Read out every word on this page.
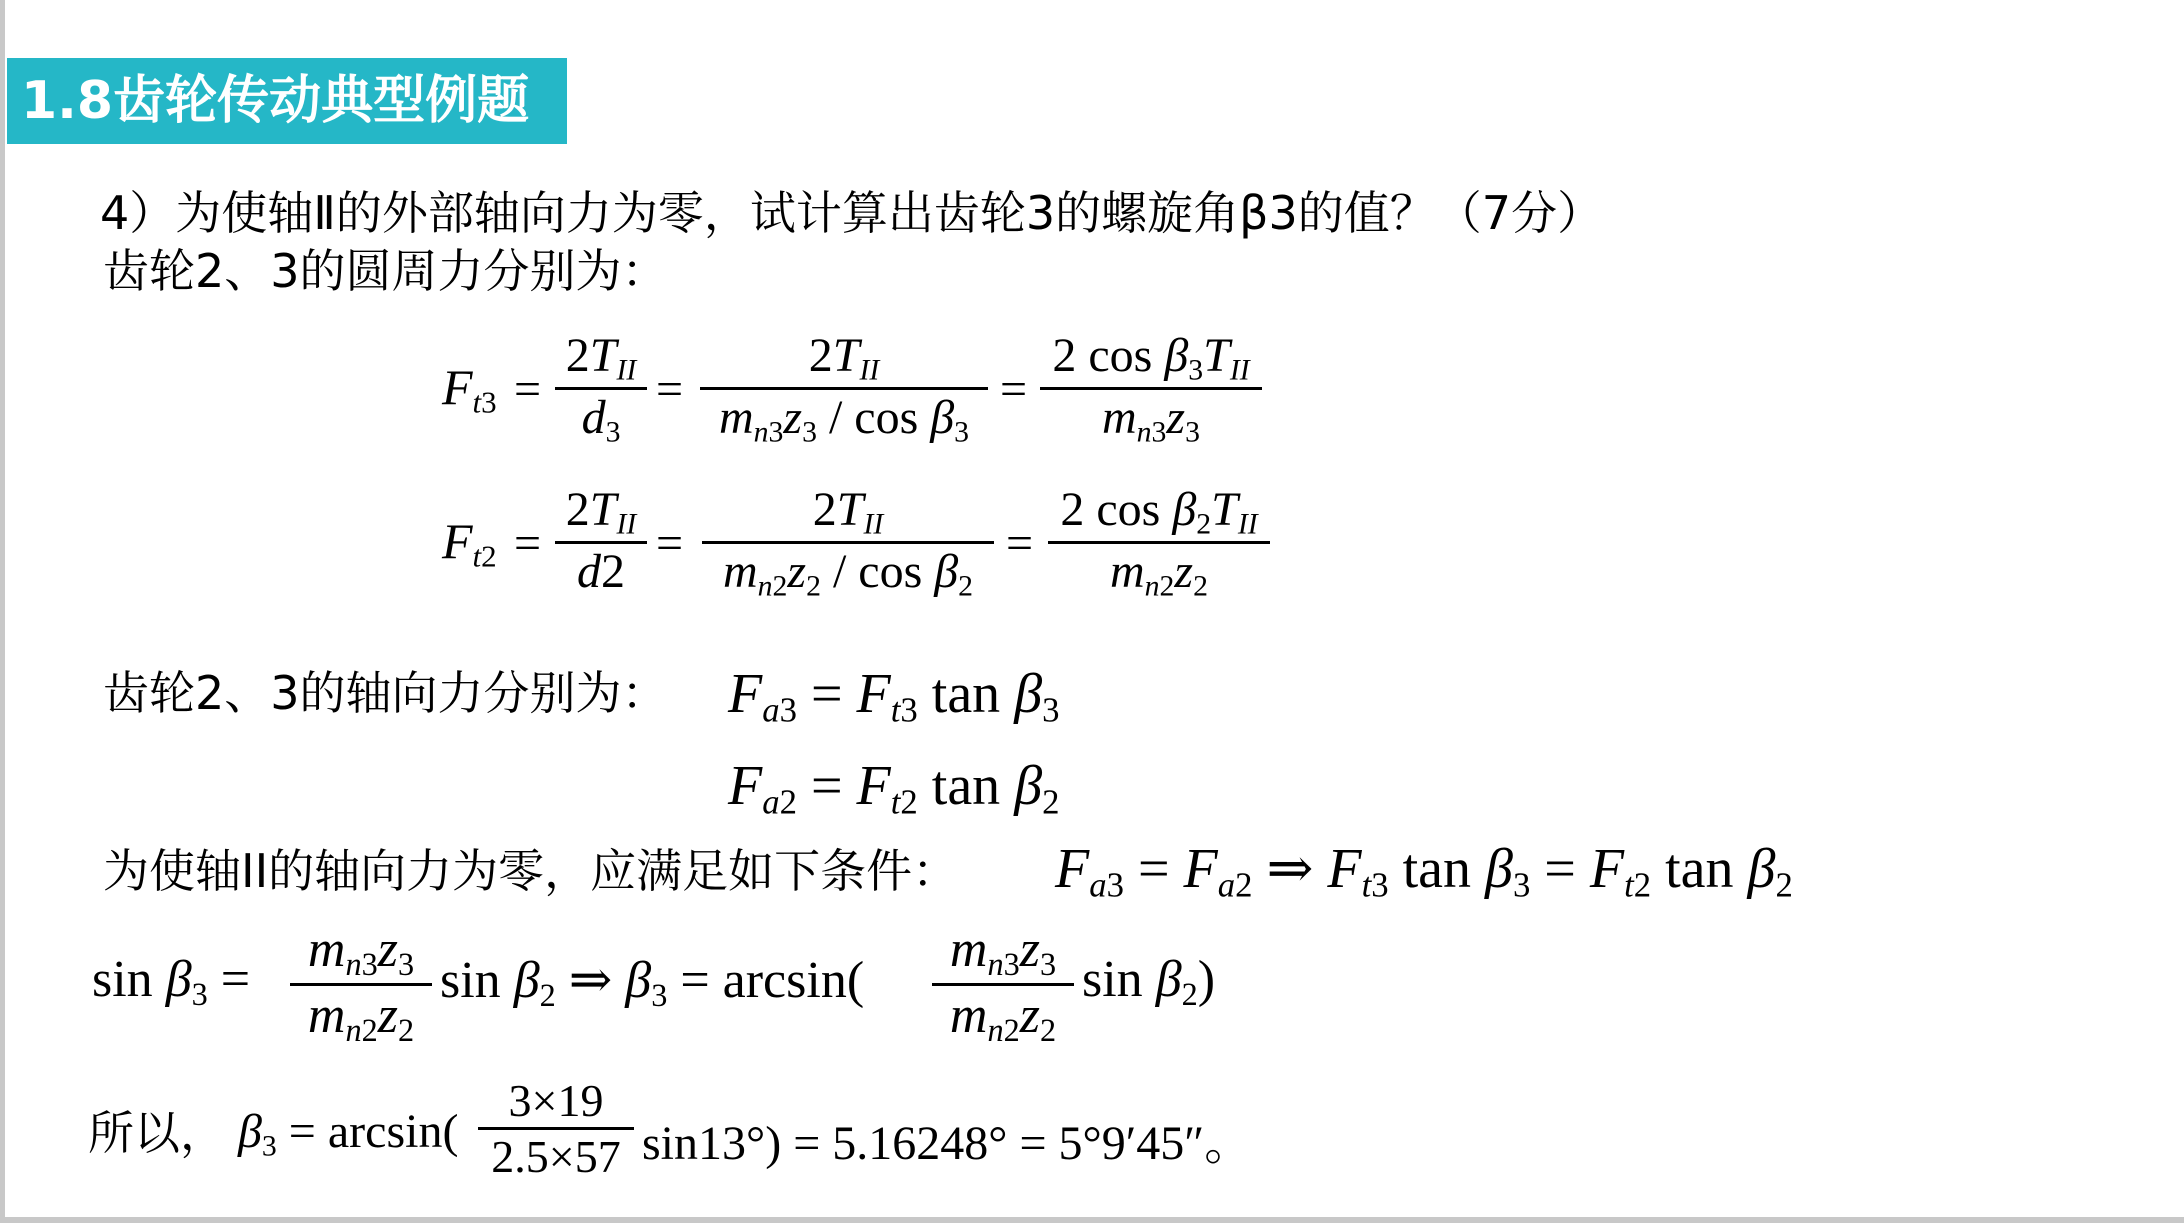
1.8齿轮传动典型例题
4）为使轴Ⅱ的外部轴向力为零，试计算出齿轮3的螺旋角β3的值？（7分）
齿轮2、3的圆周力分别为：
$F_{t3}$ =
$2T_{II}$
$d_3$
=
$2T_{II}$
$m_{n3}z_3$ / $\cos \beta_3$
=
2 $\cos \beta_3T_{II}$
$m_{n3}z_3$
$F_{t2}$ =
$2T_{II}$
d2
=
$2T_{II}$
$m_{n2}z_2$ / $\cos \beta_2$
=
2 $\cos \beta_2T_{II}$
$m_{n2}z_2$
齿轮2、3的轴向力分别为： $F_{a3} = F_{t3}$ $\tan \beta_3$
$F_{a2} = F_{t2}$ $\tan \beta_2$
为使轴II的轴向力为零，应满足如下条件： $F_{a3} = F_{a2}$ ⇒ $F_{t3}$ $\tan \beta_3 = F_{t2}$ $\tan \beta_2$
$\sin \beta_3$ =
$m_{n3}z_3$
$m_{n2}z_2$
$\sin \beta_2$ ⇒ $\beta_3 = \arcsin$(
$m_{n3}z_3$
$m_{n2}z_2$
$\sin \beta_2$)
所以， $\beta_3 = \arcsin$(
3×19
2.5×57 sin13°) = 5.16248° = 5°9′45″。
